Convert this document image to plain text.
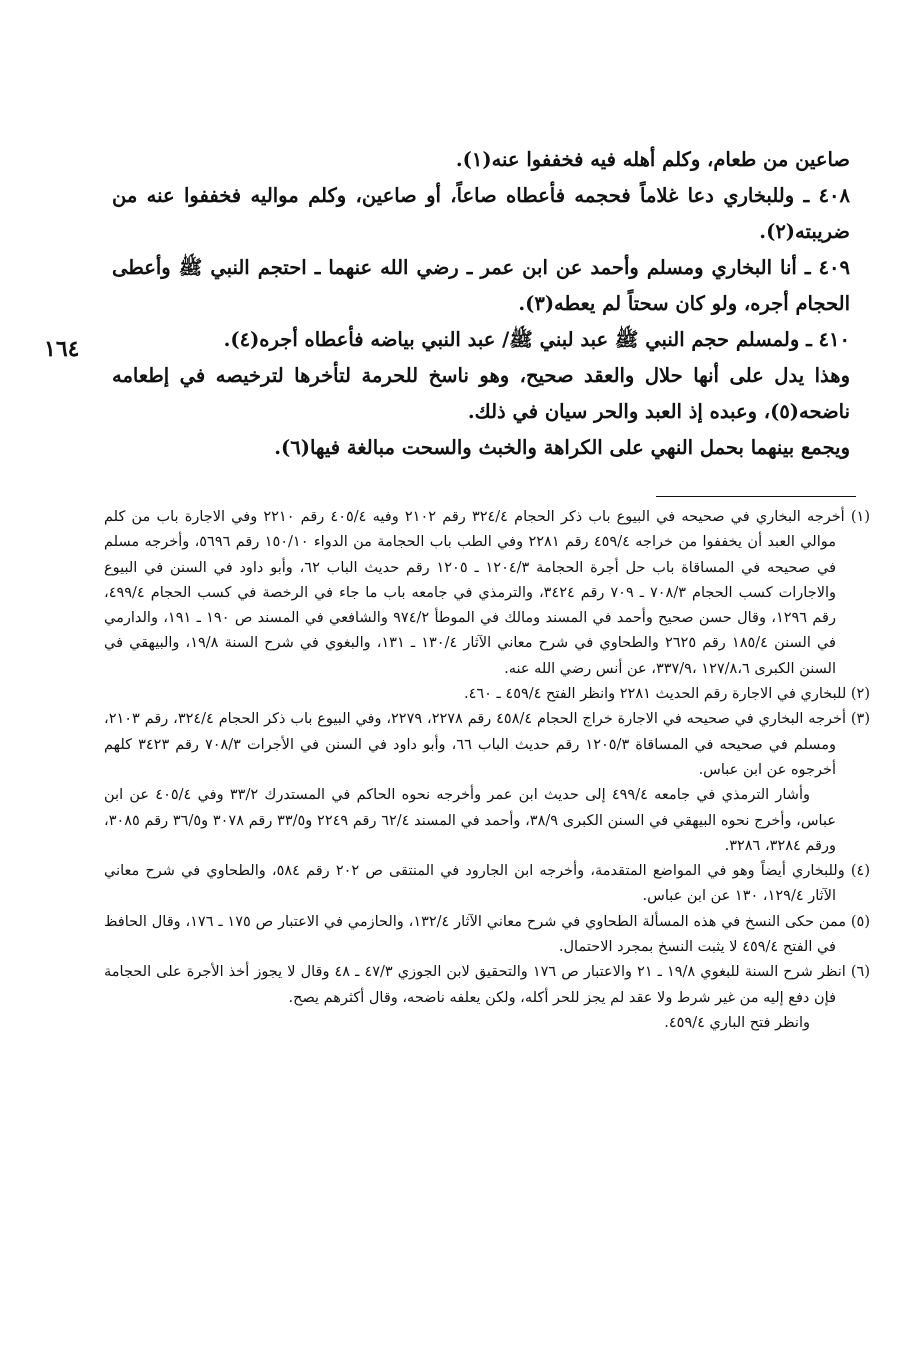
١٦٤

صاعين من طعام، وكلم أهله فيه فخففوا عنه(١).

٤٠٨ ـ وللبخاري دعا غلاماً فحجمه فأعطاه صاعاً، أو صاعين، وكلم مواليه فخففوا عنه من ضريبته(٢).

٤٠٩ ـ أنا البخاري ومسلم وأحمد عن ابن عمر ـ رضي الله عنهما ـ احتجم النبي ﷺ وأعطى الحجام أجره، ولو كان سحتاً لم يعطه(٣).

٤١٠ ـ ولمسلم حجم النبي ﷺ عبد لبني ﷺ/ عبد النبي بياضه فأعطاه أجره(٤).

وهذا يدل على أنها حلال والعقد صحيح، وهو ناسخ للحرمة لتأخرها لترخيصه في إطعامه ناضحه(٥)، وعبده إذ العبد والحر سيان في ذلك.

ويجمع بينهما بحمل النهي على الكراهة والخبث والسحت مبالغة فيها(٦).

(١) أخرجه البخاري في صحيحه في البيوع باب ذكر الحجام ٣٢٤/٤ رقم ٢١٠٢ وفيه ٤٠٥/٤ رقم ٢٢١٠ وفي الاجارة باب من كلم موالي العبد أن يخففوا من خراجه ٤٥٩/٤ رقم ٢٢٨١ وفي الطب باب الحجامة من الدواء ١٥٠/١٠ رقم ٥٦٩٦، وأخرجه مسلم في صحيحه في المساقاة باب حل أجرة الحجامة ١٢٠٤/٣ ـ ١٢٠٥ رقم حديث الباب ٦٢، وأبو داود في السنن في البيوع والاجارات كسب الحجام ٧٠٨/٣ ـ ٧٠٩ رقم ٣٤٢٤، والترمذي في جامعه باب ما جاء في الرخصة في كسب الحجام ٤٩٩/٤، رقم ١٢٩٦، وقال حسن صحيح وأحمد في المسند ومالك في الموطأ ٩٧٤/٢ والشافعي في المسند ص ١٩٠ ـ ١٩١، والدارمي في السنن ١٨٥/٤ رقم ٢٦٢٥ والطحاوي في شرح معاني الآثار ١٣٠/٤ ـ ١٣١، والبغوي في شرح السنة ١٩/٨، والبيهقي في السنن الكبرى ١٢٧/٨،٦ ،٣٣٧/٩، عن أنس رضي الله عنه.

(٢) للبخاري في الاجارة رقم الحديث ٢٢٨١ وانظر الفتح ٤٥٩/٤ ـ ٤٦٠.

(٣) أخرجه البخاري في صحيحه في الاجارة خراج الحجام ٤٥٨/٤ رقم ٢٢٧٨، ٢٢٧٩، وفي البيوع باب ذكر الحجام ٣٢٤/٤، رقم ٢١٠٣، ومسلم في صحيحه في المساقاة ١٢٠٥/٣ رقم حديث الباب ٦٦، وأبو داود في السنن في الأجرات ٧٠٨/٣ رقم ٣٤٢٣ كلهم أخرجوه عن ابن عباس.

وأشار الترمذي في جامعه ٤٩٩/٤ إلى حديث ابن عمر وأخرجه نحوه الحاكم في المستدرك ٣٣/٢ وفي ٤٠٥/٤ عن ابن عباس، وأخرج نحوه البيهقي في السنن الكبرى ٣٨/٩، وأحمد في المسند ٦٢/٤ رقم ٢٢٤٩ و٣٣/٥ رقم ٣٠٧٨ و٣٦/٥ رقم ٣٠٨٥، ورقم ٣٢٨٤، ٣٢٨٦.

(٤) وللبخاري أيضاً وهو في المواضع المتقدمة، وأخرجه ابن الجارود في المنتقى ص ٢٠٢ رقم ٥٨٤، والطحاوي في شرح معاني الآثار ١٢٩/٤، ١٣٠ عن ابن عباس.

(٥) ممن حكى النسخ في هذه المسألة الطحاوي في شرح معاني الآثار ١٣٢/٤، والحازمي في الاعتبار ص ١٧٥ ـ ١٧٦، وقال الحافظ في الفتح ٤٥٩/٤ لا يثبت النسخ بمجرد الاحتمال.

(٦) انظر شرح السنة للبغوي ١٩/٨ ـ ٢١ والاعتبار ص ١٧٦ والتحقيق لابن الجوزي ٤٧/٣ ـ ٤٨ وقال لا يجوز أخذ الأجرة على الحجامة فإن دفع إليه من غير شرط ولا عقد لم يجز للحر أكله، ولكن يعلفه ناضحه، وقال أكثرهم يصح.

وانظر فتح الباري ٤٥٩/٤.
